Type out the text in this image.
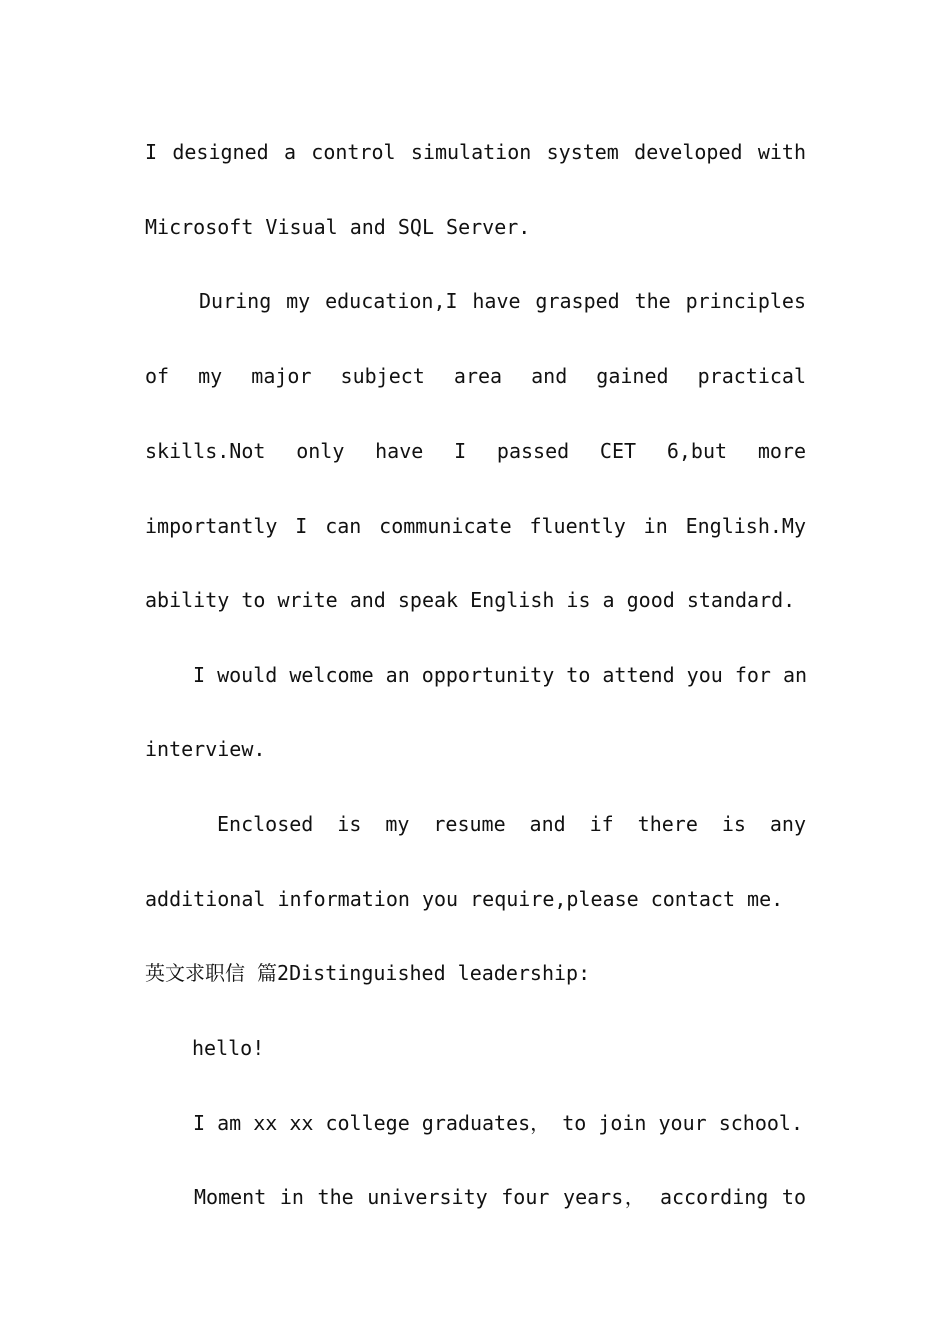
I designed a control simulation system developed with
Microsoft Visual and SQL Server.
During my education,I have grasped the principles
of my major subject area and gained practical
skills.Not only have I passed CET 6,but more
importantly I can communicate fluently in English.My
ability to write and speak English is a good standard.
I would welcome an opportunity to attend you for an
interview.
Enclosed is my resume and if there is any
additional information you require,please contact me.
英文求职信 篇2Distinguished leadership:
hello!
I am xx xx college graduates， to join your school.
Moment in the university four years， according to
